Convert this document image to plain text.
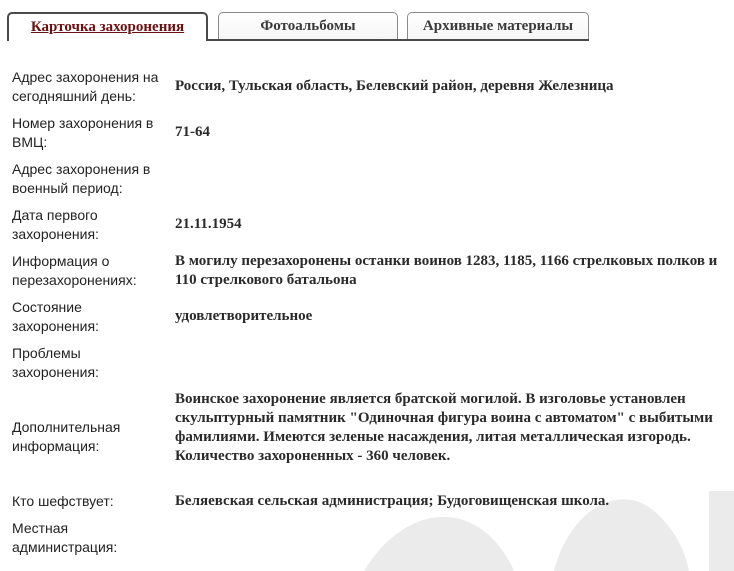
Карточка захоронения	Фотоальбомы	Архивные материалы
Адрес захоронения на сегодняшний день:
Россия, Тульская область, Белевский район, деревня Железница
Номер захоронения в ВМЦ:
71-64
Адрес захоронения в военный период:
Дата первого захоронения:
21.11.1954
Информация о перезахоронениях:
В могилу перезахоронены останки воинов 1283, 1185, 1166 стрелковых полков и 110 стрелкового батальона
Состояние захоронения:
удовлетворительное
Проблемы захоронения:
Дополнительная информация:
Воинское захоронение является братской могилой. В изголовье установлен скульптурный памятник "Одиночная фигура воина с автоматом" с выбитыми фамилиями. Имеются зеленые насаждения, литая металлическая изгородь. Количество захороненных - 360 человек.
Кто шефствует:	Беляевская сельская администрация; Будоговищенская школа.
Местная администрация:
